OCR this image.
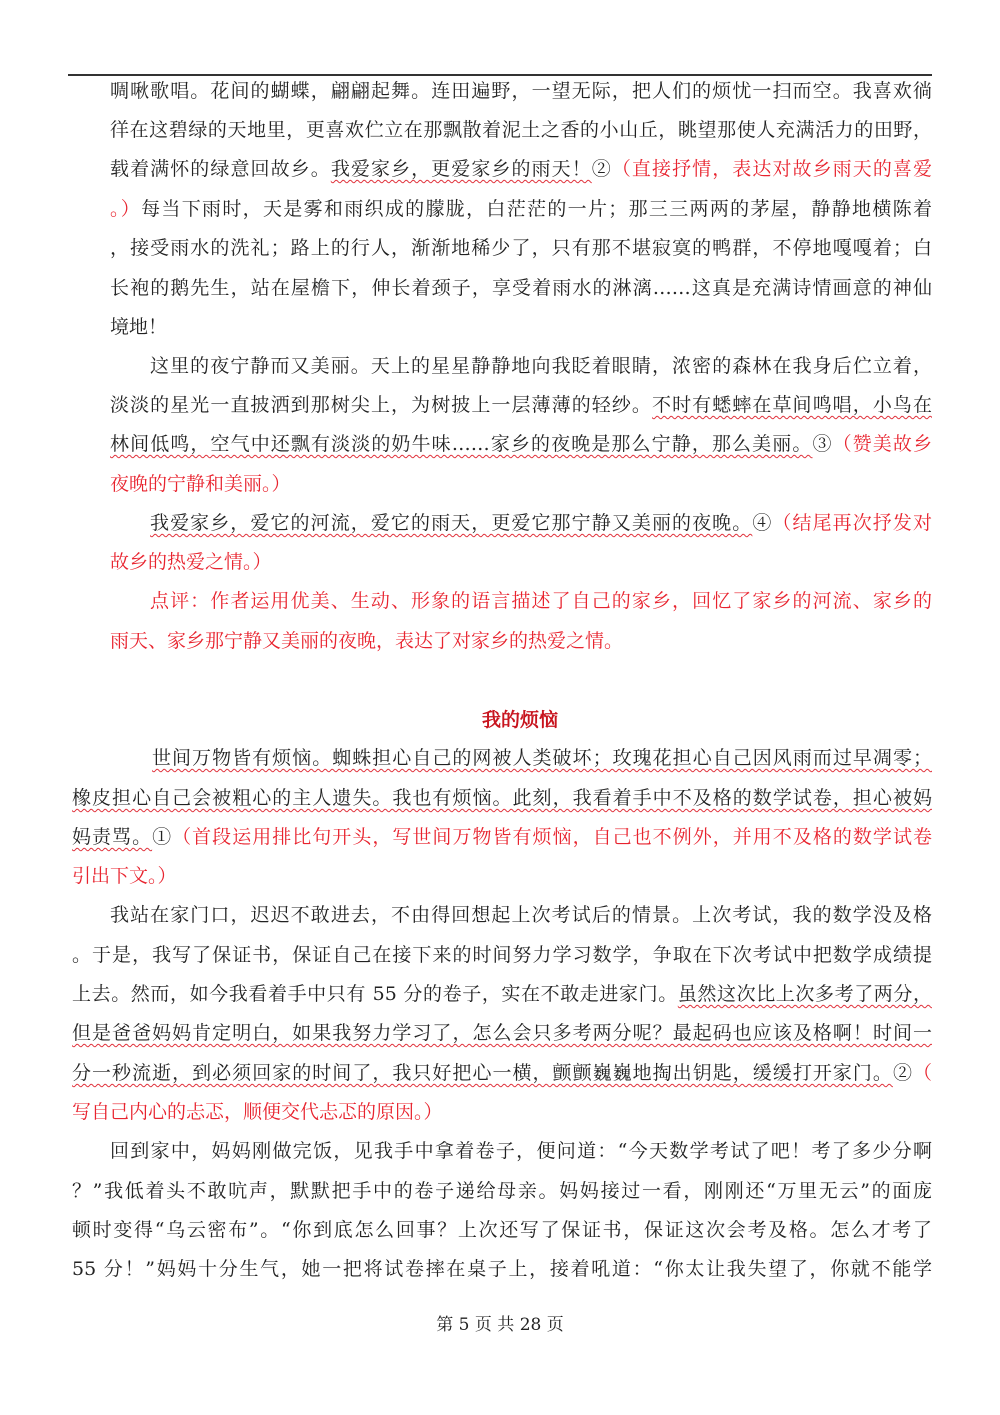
啁啾歌唱。花间的蝴蝶，翩翩起舞。连田遍野，一望无际，把人们的烦忧一扫而空。我喜欢徜
徉在这碧绿的天地里，更喜欢伫立在那飘散着泥土之香的小山丘，眺望那使人充满活力的田野，
载着满怀的绿意回故乡。我爱家乡，更爱家乡的雨天！②（直接抒情，表达对故乡雨天的喜爱
。）每当下雨时，天是雾和雨织成的朦胧，白茫茫的一片；那三三两两的茅屋，静静地横陈着
，接受雨水的洗礼；路上的行人，渐渐地稀少了，只有那不堪寂寞的鸭群，不停地嘎嘎着；白
长袍的鹅先生，站在屋檐下，伸长着颈子，享受着雨水的淋漓……这真是充满诗情画意的神仙
境地！
这里的夜宁静而又美丽。天上的星星静静地向我眨着眼睛，浓密的森林在我身后伫立着，
淡淡的星光一直披洒到那树尖上，为树披上一层薄薄的轻纱。不时有蟋蟀在草间鸣唱，小鸟在
林间低鸣，空气中还飘有淡淡的奶牛味……家乡的夜晚是那么宁静，那么美丽。③（赞美故乡
夜晚的宁静和美丽。）
我爱家乡，爱它的河流，爱它的雨天，更爱它那宁静又美丽的夜晚。④（结尾再次抒发对
故乡的热爱之情。）
点评：作者运用优美、生动、形象的语言描述了自己的家乡，回忆了家乡的河流、家乡的
雨天、家乡那宁静又美丽的夜晚，表达了对家乡的热爱之情。
世间万物皆有烦恼。蜘蛛担心自己的网被人类破坏；玫瑰花担心自己因风雨而过早凋零；
橡皮担心自己会被粗心的主人遗失。我也有烦恼。此刻，我看着手中不及格的数学试卷，担心被妈
妈责骂。①（首段运用排比句开头，写世间万物皆有烦恼，自己也不例外，并用不及格的数学试卷
引出下文。）
我站在家门口，迟迟不敢进去，不由得回想起上次考试后的情景。上次考试，我的数学没及格
。于是，我写了保证书，保证自己在接下来的时间努力学习数学，争取在下次考试中把数学成绩提
上去。然而，如今我看着手中只有 55 分的卷子，实在不敢走进家门。虽然这次比上次多考了两分，
但是爸爸妈妈肯定明白，如果我努力学习了，怎么会只多考两分呢？最起码也应该及格啊！时间一
分一秒流逝，到必须回家的时间了，我只好把心一横，颤颤巍巍地掏出钥匙，缓缓打开家门。②（
写自己内心的忐忑，顺便交代忐忑的原因。）
回到家中，妈妈刚做完饭，见我手中拿着卷子，便问道：“今天数学考试了吧！考了多少分啊
？”我低着头不敢吭声，默默把手中的卷子递给母亲。妈妈接过一看，刚刚还“万里无云”的面庞
顿时变得“乌云密布”。“你到底怎么回事？上次还写了保证书，保证这次会考及格。怎么才考了
55 分！”妈妈十分生气，她一把将试卷摔在桌子上，接着吼道：“你太让我失望了，你就不能学
我的烦恼
第 5 页 共 28 页
